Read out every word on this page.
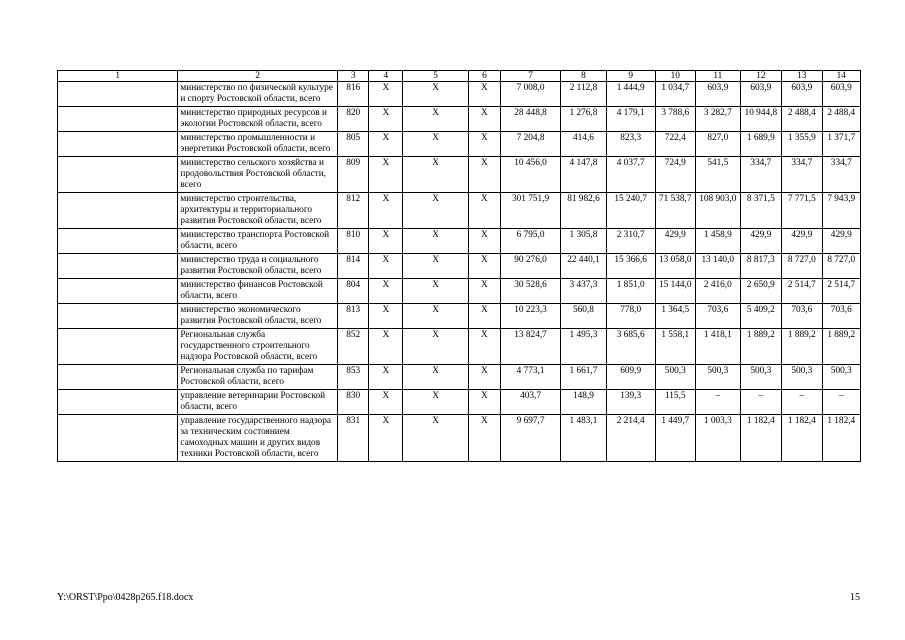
1	2	3	4	5	6	7	8	9	10	11	12	13	14
	министерство по физической культуре и спорту Ростовской области, всего	816	X	X	X	7 008,0	2 112,8	1 444,9	1 034,7	603,9	603,9	603,9	603,9
	министерство природных ресурсов и экологии Ростовской области, всего	820	X	X	X	28 448,8	1 276,8	4 179,1	3 788,6	3 282,7	10 944,8	2 488,4	2 488,4
	министерство промышленности и энергетики Ростовской области, всего	805	X	X	X	7 204,8	414,6	823,3	722,4	827,0	1 689,9	1 355,9	1 371,7
	министерство сельского хозяйства и продовольствия Ростовской области, всего	809	X	X	X	10 456,0	4 147,8	4 037,7	724,9	541,5	334,7	334,7	334,7
	министерство строительства, архитектуры и территориального развития Ростовской области, всего	812	X	X	X	301 751,9	81 982,6	15 240,7	71 538,7	108 903,0	8 371,5	7 771,5	7 943,9
	министерство транспорта Ростовской области, всего	810	X	X	X	6 795,0	1 305,8	2 310,7	429,9	1 458,9	429,9	429,9	429,9
	министерство труда и социального развития Ростовской области, всего	814	X	X	X	90 276,0	22 440,1	15 366,6	13 058,0	13 140,0	8 817,3	8 727,0	8 727,0
	министерство финансов Ростовской области, всего	804	X	X	X	30 528,6	3 437,3	1 851,0	15 144,0	2 416,0	2 650,9	2 514,7	2 514,7
	министерство экономического развития Ростовской области, всего	813	X	X	X	10 223,3	560,8	778,0	1 364,5	703,6	5 409,2	703,6	703,6
	Региональная служба государственного строительного надзора Ростовской области, всего	852	X	X	X	13 824,7	1 495,3	3 685,6	1 558,1	1 418,1	1 889,2	1 889,2	1 889,2
	Региональная служба по тарифам Ростовской области, всего	853	X	X	X	4 773,1	1 661,7	609,9	500,3	500,3	500,3	500,3	500,3
	управление ветеринарии Ростовской области, всего	830	X	X	X	403,7	148,9	139,3	115,5	–	–	–	–
	управление государственного надзора за техническим состоянием самоходных машин и других видов техники Ростовской области, всего	831	X	X	X	9 697,7	1 483,1	2 214,4	1 449,7	1 003,3	1 182,4	1 182,4	1 182,4
Y:\ORST\Ppo\0428p265.f18.docx	15
